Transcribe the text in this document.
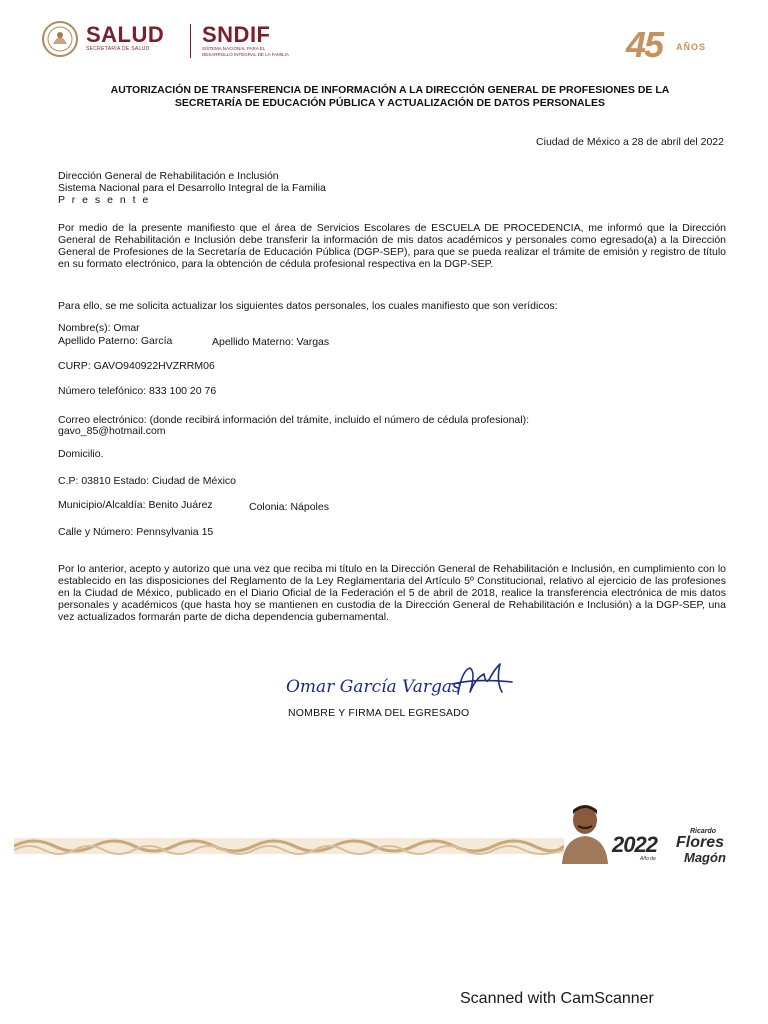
SALUD
SECRETARÍA DE SALUD
SNDIF
SISTEMA NACIONAL PARA EL DESARROLLO INTEGRAL DE LA FAMILIA	45 AÑOS
AUTORIZACIÓN DE TRANSFERENCIA DE INFORMACIÓN A LA DIRECCIÓN GENERAL DE PROFESIONES DE LA
SECRETARÍA DE EDUCACIÓN PÚBLICA Y ACTUALIZACIÓN DE DATOS PERSONALES
Ciudad de México a 28 de abril del 2022
Dirección General de Rehabilitación e Inclusión
Sistema Nacional para el Desarrollo Integral de la Familia
P r e s e n t e
Por medio de la presente manifiesto que el área de Servicios Escolares de ESCUELA DE PROCEDENCIA, me informó que la Dirección General de Rehabilitación e Inclusión debe transferir la información de mis datos académicos y personales como egresado(a) a la Dirección General de Profesiones de la Secretaría de Educación Pública (DGP-SEP), para que se pueda realizar el trámite de emisión y registro de título en su formato electrónico, para la obtención de cédula profesional respectiva en la DGP-SEP.
Para ello, se me solicita actualizar los siguientes datos personales, los cuales manifiesto que son verídicos:
Nombre(s): Omar
Apellido Paterno: García	Apellido Materno: Vargas
CURP: GAVO940922HVZRRM06
Número telefónico: 833 100 20 76
Correo electrónico: (donde recibirá información del trámite, incluido el número de cédula profesional):
gavo_85@hotmail.com
Domicilio.
C.P: 03810 Estado: Ciudad de México
Municipio/Alcaldía: Benito Juárez	Colonia: Nápoles
Calle y Número: Pennsylvania 15
Por lo anterior, acepto y autorizo que una vez que reciba mi título en la Dirección General de Rehabilitación e Inclusión, en cumplimiento con lo establecido en las disposiciones del Reglamento de la Ley Reglamentaria del Artículo 5º Constitucional, relativo al ejercicio de las profesiones en la Ciudad de México, publicado en el Diario Oficial de la Federación el 5 de abril de 2018, realice la transferencia electrónica de mis datos personales y académicos (que hasta hoy se mantienen en custodia de la Dirección General de Rehabilitación e Inclusión) a la DGP-SEP, una vez actualizados formarán parte de dicha dependencia gubernamental.
Omar García Vargas
NOMBRE Y FIRMA DEL EGRESADO
2022
Ricardo
Flores
Magón
Año de
Scanned with CamScanner
